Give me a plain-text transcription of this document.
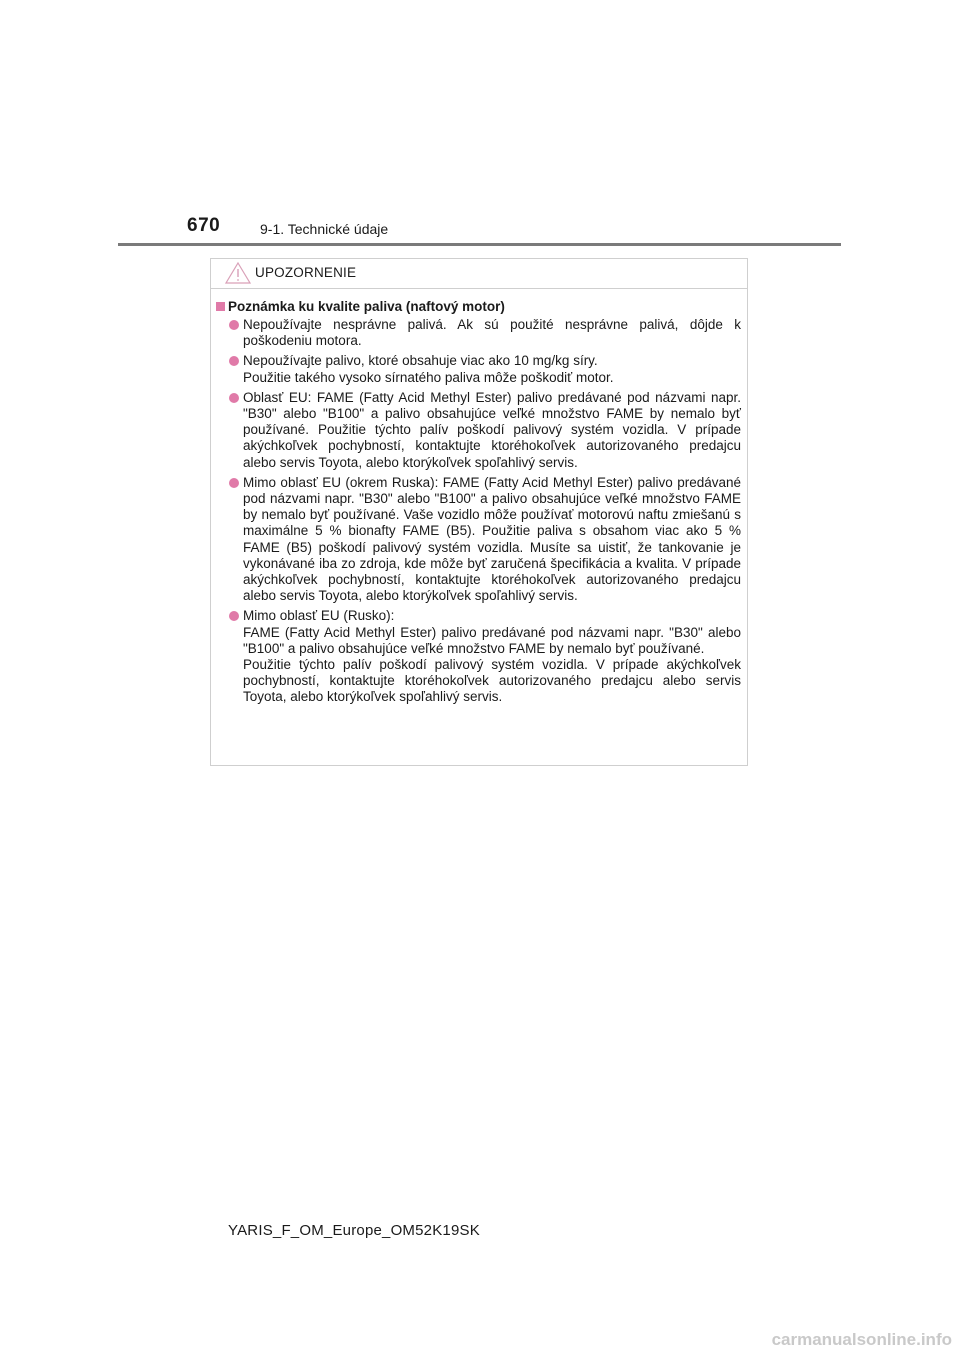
670	9-1. Technické údaje
UPOZORNENIE
Poznámka ku kvalite paliva (naftový motor)
Nepoužívajte nesprávne palivá. Ak sú použité nesprávne palivá, dôjde k poškodeniu motora.
Nepoužívajte palivo, ktoré obsahuje viac ako 10 mg/kg síry.
Použitie takého vysoko sírnatého paliva môže poškodiť motor.
Oblasť EU: FAME (Fatty Acid Methyl Ester) palivo predávané pod názvami napr. "B30" alebo "B100" a palivo obsahujúce veľké množstvo FAME by nemalo byť používané. Použitie týchto palív poškodí palivový systém vozidla. V prípade akýchkoľvek pochybností, kontaktujte ktoréhokoľvek autorizovaného predajcu alebo servis Toyota, alebo ktorýkoľvek spoľahlivý servis.
Mimo oblasť EU (okrem Ruska): FAME (Fatty Acid Methyl Ester) palivo predávané pod názvami napr. "B30" alebo "B100" a palivo obsahujúce veľké množstvo FAME by nemalo byť používané. Vaše vozidlo môže používať motorovú naftu zmiešanú s maximálne 5 % bionafty FAME (B5). Použitie paliva s obsahom viac ako 5 % FAME (B5) poškodí palivový systém vozidla. Musíte sa uistiť, že tankovanie je vykonávané iba zo zdroja, kde môže byť zaručená špecifikácia a kvalita. V prípade akýchkoľvek pochybností, kontaktujte ktoréhokoľvek autorizovaného predajcu alebo servis Toyota, alebo ktorýkoľvek spoľahlivý servis.
Mimo oblasť EU (Rusko):
FAME (Fatty Acid Methyl Ester) palivo predávané pod názvami napr. "B30" alebo "B100" a palivo obsahujúce veľké množstvo FAME by nemalo byť používané.
Použitie týchto palív poškodí palivový systém vozidla. V prípade akýchkoľvek pochybností, kontaktujte ktoréhokoľvek autorizovaného predajcu alebo servis Toyota, alebo ktorýkoľvek spoľahlivý servis.
YARIS_F_OM_Europe_OM52K19SK
carmanualsonline.info
